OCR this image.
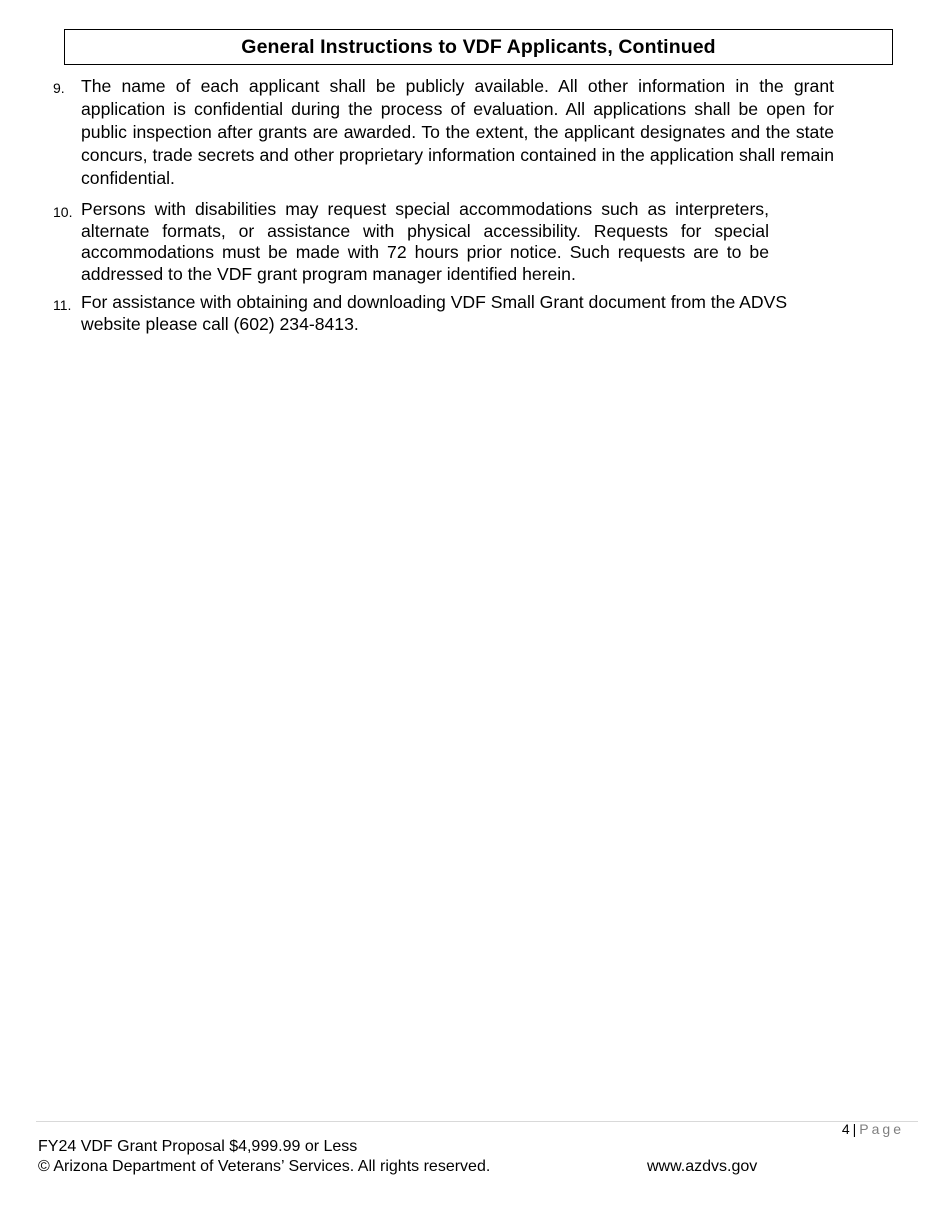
General Instructions to VDF Applicants, Continued
9. The name of each applicant shall be publicly available. All other information in the grant application is confidential during the process of evaluation. All applications shall be open for public inspection after grants are awarded. To the extent, the applicant designates and the state concurs, trade secrets and other proprietary information contained in the application shall remain confidential.
10. Persons with disabilities may request special accommodations such as interpreters, alternate formats, or assistance with physical accessibility. Requests for special accommodations must be made with 72 hours prior notice. Such requests are to be addressed to the VDF grant program manager identified herein.
11. For assistance with obtaining and downloading VDF Small Grant document from the ADVS website please call (602) 234-8413.
4 | Page
FY24 VDF Grant Proposal $4,999.99 or Less
© Arizona Department of Veterans’ Services. All rights reserved.	www.azdvs.gov
